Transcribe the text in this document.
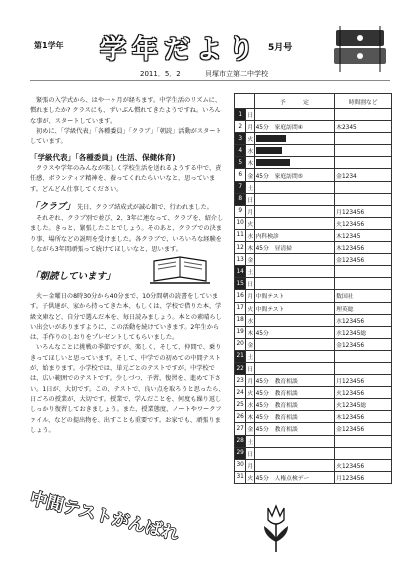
第1学年 学年だより 5月号
2011．5．2	貝塚市立第二中学校

緊張の入学式から、はや一ヶ月が経ちます。中学生活のリズムに、慣れましたか? クラスにも、ずいぶん慣れてきたようですね。いろんな事が、スタートしています。

初めに、「学級代表」「各種委員」「クラブ」「朝読」活動がスタートしています。

「学級代表」「各種委員」(生活、保健体育)

クラスや学年のみんなが楽しく学校生活を送れるようする中で、責任感、ボランティア精神を、養ってくれたらいいなと、思っています。どんどん仕事してください。

「クラブ」 先日、クラブ結成式が誠心館で、行われました。

それぞれ、クラブ別で並び、2、3年に連なって、クラブを、紹介しました。きっと、緊張したことでしょう。そのあと、クラブでの決まり事、場所などの説明を受けました。各クラブで、いろいろな経験をしながら3年間頑張って続けてほしいなと、思います。

「朝読しています」

火～金曜日の8時30分から40分まで、10分間朝の読書をしています。子供達が、家から持ってきた本、もしくは、学校で借りた本、学級文庫など、自分で選んだ本を、毎日読みましょう。本との素晴らしい出会いがありますように、この活動を続けていきます。2年生からは、手作りのしおりをプレゼントしてもらいました。

いろんなことに挑戦の季節ですが、楽しく、そして、仲間で、乗りきってほしいと思っています。そして、中学での初めての中間テストが、始まります。小学校では、単元ごとのテストですが、中学校では、広い範囲でのテストです。少しづつ、予習、復習を、進めて下さい。1日が、大切です。この、テストで、良い点を取ろうと思ったら、日ごろの授業が、大切です。授業で、学んだことを、何度も繰り返ししっかり復習しておきましょう。また、授業態度、ノートやワークファイル、などの提出物を、出すことも重要です。お家でも、頑張りましょう。

中間テストがんばれ
		予　　　定	時間割など
1	日		
2	月	45分　家庭訪問④	木2345
3	火		
4	水		
5	木		
6	金	45分　家庭訪問⑤	金1234
7	土		
8	日		
9	月		月123456
10	火		火123456
11	水	内科検診	木12345
12	木	45分　昼清掃	木123456
13	金		金123456
14	土		
15	日		
16	月	中間テスト	数国社
17	火	中間テスト	理英総
18	水		水123456
19	木	45分	水12345総
20	金		金123456
21	土		
22	日		
23	月	45分　教育相談	月123456
24	火	45分　教育相談	火123456
25	水	45分　教育相談	火12345総
26	木	45分　教育相談	木123456
27	金	45分　教育相談	金123456
28	土		
29	日		
30	月		火123456
31	火	45分　人権点検デー	月123456
